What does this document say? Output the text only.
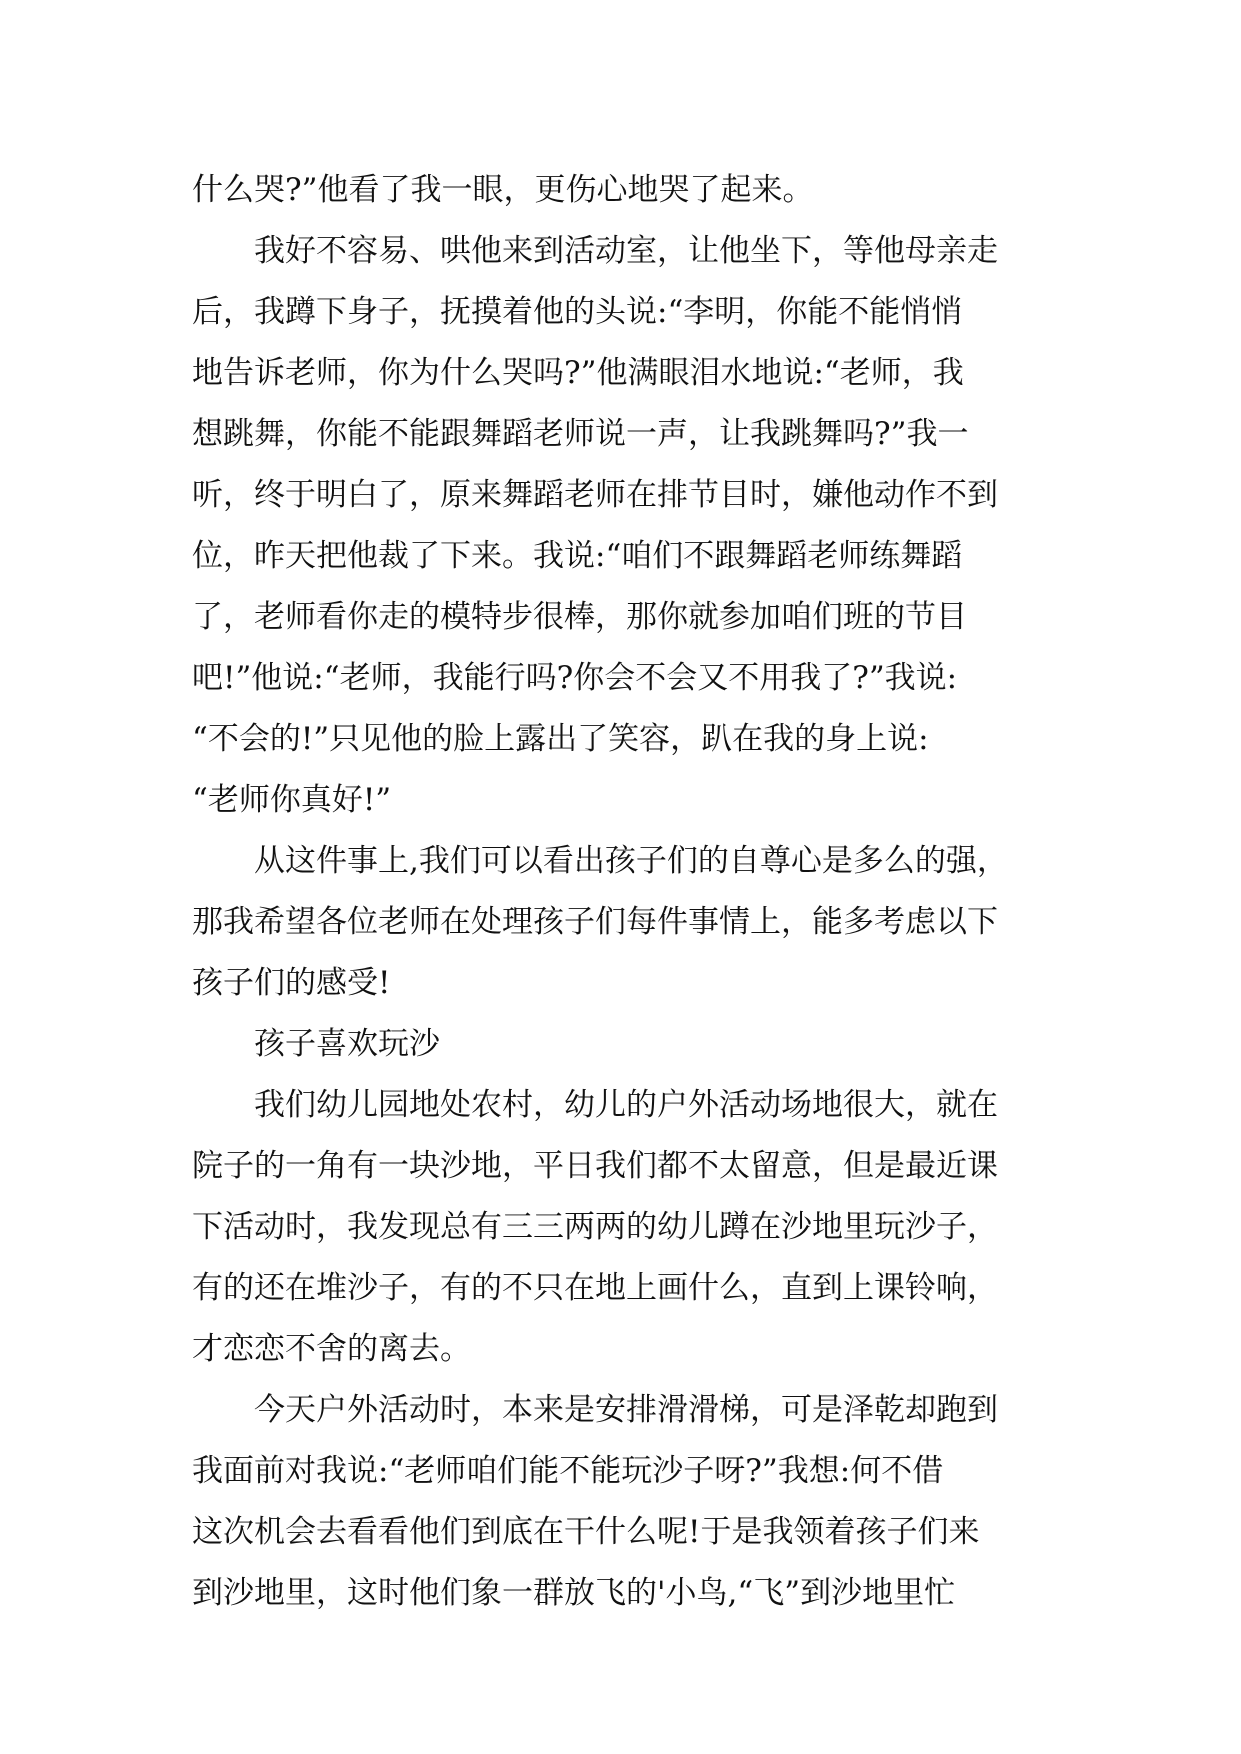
什么哭?”他看了我一眼，更伤心地哭了起来。
我好不容易、哄他来到活动室，让他坐下，等他母亲走
后，我蹲下身子，抚摸着他的头说:“李明，你能不能悄悄
地告诉老师，你为什么哭吗?”他满眼泪水地说:“老师，我
想跳舞，你能不能跟舞蹈老师说一声，让我跳舞吗?”我一
听，终于明白了，原来舞蹈老师在排节目时，嫌他动作不到
位，昨天把他裁了下来。我说:“咱们不跟舞蹈老师练舞蹈
了，老师看你走的模特步很棒，那你就参加咱们班的节目
吧!”他说:“老师，我能行吗?你会不会又不用我了?”我说:
“不会的!”只见他的脸上露出了笑容，趴在我的身上说:
“老师你真好!”
从这件事上,我们可以看出孩子们的自尊心是多么的强，
那我希望各位老师在处理孩子们每件事情上，能多考虑以下
孩子们的感受!
孩子喜欢玩沙
我们幼儿园地处农村，幼儿的户外活动场地很大，就在
院子的一角有一块沙地，平日我们都不太留意，但是最近课
下活动时，我发现总有三三两两的幼儿蹲在沙地里玩沙子，
有的还在堆沙子，有的不只在地上画什么，直到上课铃响，
才恋恋不舍的离去。
今天户外活动时，本来是安排滑滑梯，可是泽乾却跑到
我面前对我说:“老师咱们能不能玩沙子呀?”我想:何不借
这次机会去看看他们到底在干什么呢!于是我领着孩子们来
到沙地里，这时他们象一群放飞的'小鸟,“飞”到沙地里忙
